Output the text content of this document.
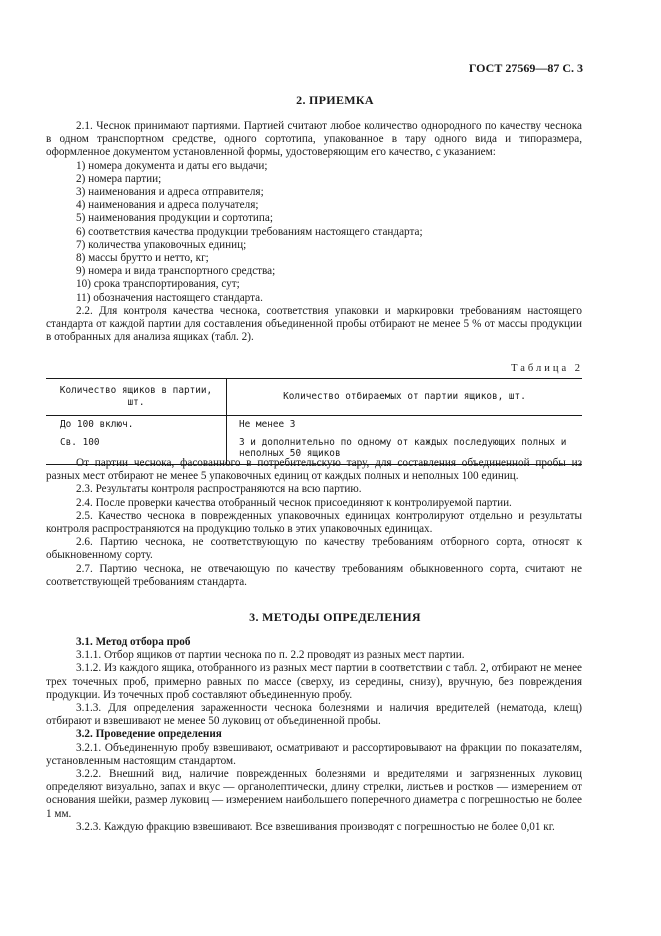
ГОСТ 27569—87 С. 3
2. ПРИЕМКА

2.1. Чеснок принимают партиями. Партией считают любое количество однородного по качеству чеснока в одном транспортном средстве, одного сортотипа, упакованное в тару одного вида и типоразмера, оформленное документом установленной формы, удостоверяющим его качество, с указанием:

1) номера документа и даты его выдачи;
2) номера партии;
3) наименования и адреса отправителя;
4) наименования и адреса получателя;
5) наименования продукции и сортотипа;
6) соответствия качества продукции требованиям настоящего стандарта;
7) количества упаковочных единиц;
8) массы брутто и нетто, кг;
9) номера и вида транспортного средства;
10) срока транспортирования, сут;
11) обозначения настоящего стандарта.

2.2. Для контроля качества чеснока, соответствия упаковки и маркировки требованиям настоящего стандарта от каждой партии для составления объединенной пробы отбирают не менее 5 % от массы продукции в отобранных для анализа ящиках (табл. 2).

Таблица 2
Количество ящиков в партии, шт.	Количество отбираемых от партии ящиков, шт.
До 100 включ.	Не менее 3
Св. 100	3 и дополнительно по одному от каждых последующих полных и неполных 50 ящиков

От партии чеснока, фасованного в потребительскую тару, для составления объединенной пробы из разных мест отбирают не менее 5 упаковочных единиц от каждых полных и неполных 100 единиц.

2.3. Результаты контроля распространяются на всю партию.

2.4. После проверки качества отобранный чеснок присоединяют к контролируемой партии.

2.5. Качество чеснока в поврежденных упаковочных единицах контролируют отдельно и результаты контроля распространяются на продукцию только в этих упаковочных единицах.

2.6. Партию чеснока, не соответствующую по качеству требованиям отборного сорта, относят к обыкновенному сорту.

2.7. Партию чеснока, не отвечающую по качеству требованиям обыкновенного сорта, считают не соответствующей требованиям стандарта.

3. МЕТОДЫ ОПРЕДЕЛЕНИЯ

3.1. Метод отбора проб

3.1.1. Отбор ящиков от партии чеснока по п. 2.2 проводят из разных мест партии.

3.1.2. Из каждого ящика, отобранного из разных мест партии в соответствии с табл. 2, отбирают не менее трех точечных проб, примерно равных по массе (сверху, из середины, снизу), вручную, без повреждения продукции. Из точечных проб составляют объединенную пробу.

3.1.3. Для определения зараженности чеснока болезнями и наличия вредителей (нематода, клещ) отбирают и взвешивают не менее 50 луковиц от объединенной пробы.

3.2. Проведение определения

3.2.1. Объединенную пробу взвешивают, осматривают и рассортировывают на фракции по показателям, установленным настоящим стандартом.

3.2.2. Внешний вид, наличие поврежденных болезнями и вредителями и загрязненных луковиц определяют визуально, запах и вкус — органолептически, длину стрелки, листьев и ростков — измерением от основания шейки, размер луковиц — измерением наибольшего поперечного диаметра с погрешностью не более 1 мм.

3.2.3. Каждую фракцию взвешивают. Все взвешивания производят с погрешностью не более 0,01 кг.
